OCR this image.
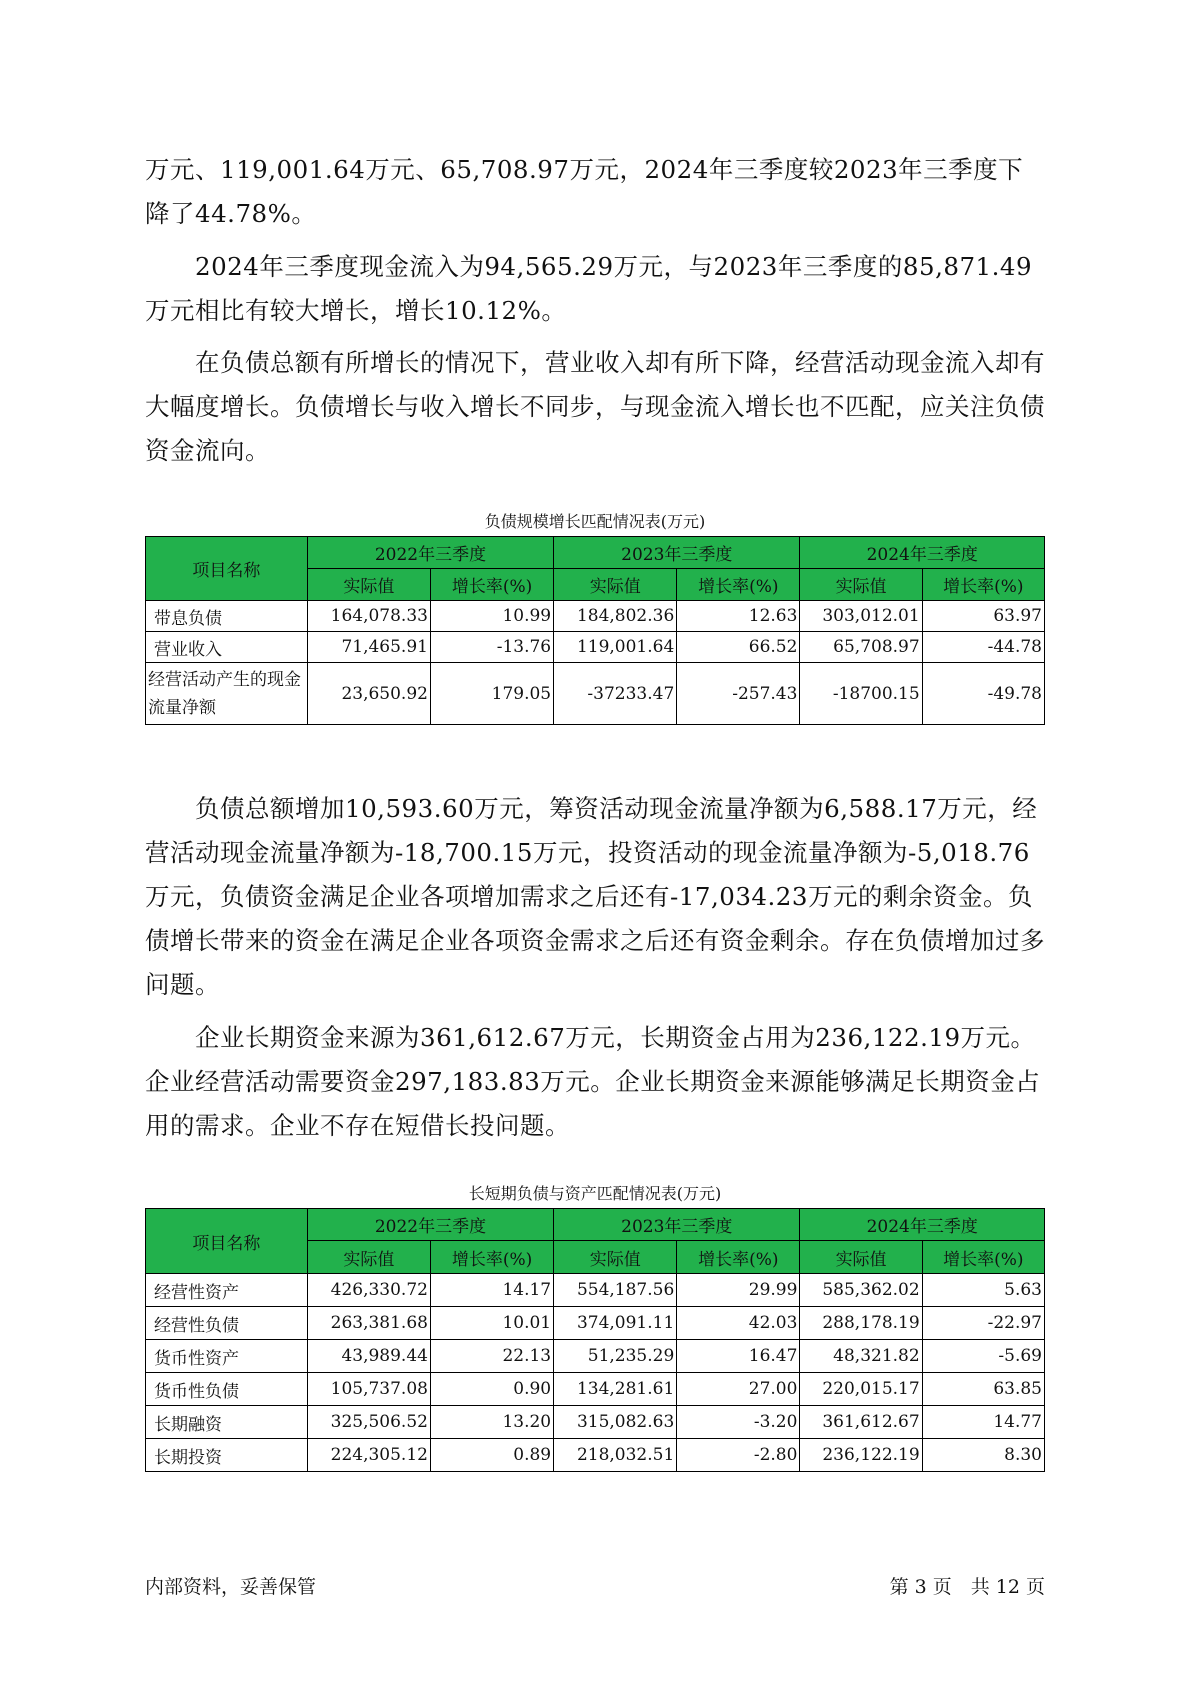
万元、119,001.64万元、65,708.97万元，2024年三季度较2023年三季度下降了44.78%。

　　2024年三季度现金流入为94,565.29万元，与2023年三季度的85,871.49万元相比有较大增长，增长10.12%。

　　在负债总额有所增长的情况下，营业收入却有所下降，经营活动现金流入却有大幅度增长。负债增长与收入增长不同步，与现金流入增长也不匹配，应关注负债资金流向。

负债规模增长匹配情况表(万元)
项目名称	2022年三季度		2023年三季度		2024年三季度	
	实际值	增长率(%)	实际值	增长率(%)	实际值	增长率(%)
带息负债	164,078.33	10.99	184,802.36	12.63	303,012.01	63.97
营业收入	71,465.91	-13.76	119,001.64	66.52	65,708.97	-44.78
经营活动产生的现金流量净额	23,650.92	179.05	-37233.47	-257.43	-18700.15	-49.78

　　负债总额增加10,593.60万元，筹资活动现金流量净额为6,588.17万元，经营活动现金流量净额为-18,700.15万元，投资活动的现金流量净额为-5,018.76万元，负债资金满足企业各项增加需求之后还有-17,034.23万元的剩余资金。负债增长带来的资金在满足企业各项资金需求之后还有资金剩余。存在负债增加过多问题。

　　企业长期资金来源为361,612.67万元，长期资金占用为236,122.19万元。企业经营活动需要资金297,183.83万元。企业长期资金来源能够满足长期资金占用的需求。企业不存在短借长投问题。

长短期负债与资产匹配情况表(万元)
项目名称	2022年三季度		2023年三季度		2024年三季度	
	实际值	增长率(%)	实际值	增长率(%)	实际值	增长率(%)
经营性资产	426,330.72	14.17	554,187.56	29.99	585,362.02	5.63
经营性负债	263,381.68	10.01	374,091.11	42.03	288,178.19	-22.97
货币性资产	43,989.44	22.13	51,235.29	16.47	48,321.82	-5.69
货币性负债	105,737.08	0.90	134,281.61	27.00	220,015.17	63.85
长期融资	325,506.52	13.20	315,082.63	-3.20	361,612.67	14.77
长期投资	224,305.12	0.89	218,032.51	-2.80	236,122.19	8.30
内部资料，妥善保管	第 3 页　共 12 页
